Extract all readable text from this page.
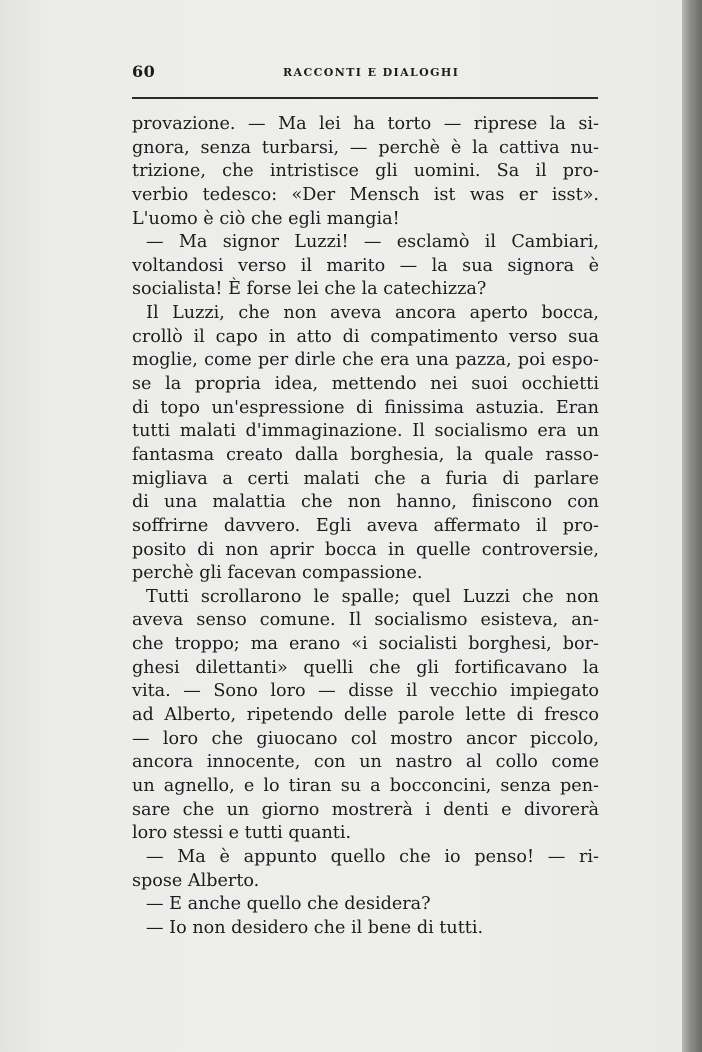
60	RACCONTI E DIALOGHI
provazione. — Ma lei ha torto — riprese la si-
gnora, senza turbarsi, — perchè è la cattiva nu-
trizione, che intristisce gli uomini. Sa il pro-
verbio tedesco: «Der Mensch ist was er isst».
L'uomo è ciò che egli mangia!
— Ma signor Luzzi! — esclamò il Cambiari,
voltandosi verso il marito — la sua signora è
socialista! È forse lei che la catechizza?
Il Luzzi, che non aveva ancora aperto bocca,
crollò il capo in atto di compatimento verso sua
moglie, come per dirle che era una pazza, poi espo-
se la propria idea, mettendo nei suoi occhietti
di topo un'espressione di finissima astuzia. Eran
tutti malati d'immaginazione. Il socialismo era un
fantasma creato dalla borghesia, la quale rasso-
migliava a certi malati che a furia di parlare
di una malattia che non hanno, finiscono con
soffrirne davvero. Egli aveva affermato il pro-
posito di non aprir bocca in quelle controversie,
perchè gli facevan compassione.
Tutti scrollarono le spalle; quel Luzzi che non
aveva senso comune. Il socialismo esisteva, an-
che troppo; ma erano «i socialisti borghesi, bor-
ghesi dilettanti» quelli che gli fortificavano la
vita. — Sono loro — disse il vecchio impiegato
ad Alberto, ripetendo delle parole lette di fresco
— loro che giuocano col mostro ancor piccolo,
ancora innocente, con un nastro al collo come
un agnello, e lo tiran su a bocconcini, senza pen-
sare che un giorno mostrerà i denti e divorerà
loro stessi e tutti quanti.
— Ma è appunto quello che io penso! — ri-
spose Alberto.
— E anche quello che desidera?
— Io non desidero che il bene di tutti.
